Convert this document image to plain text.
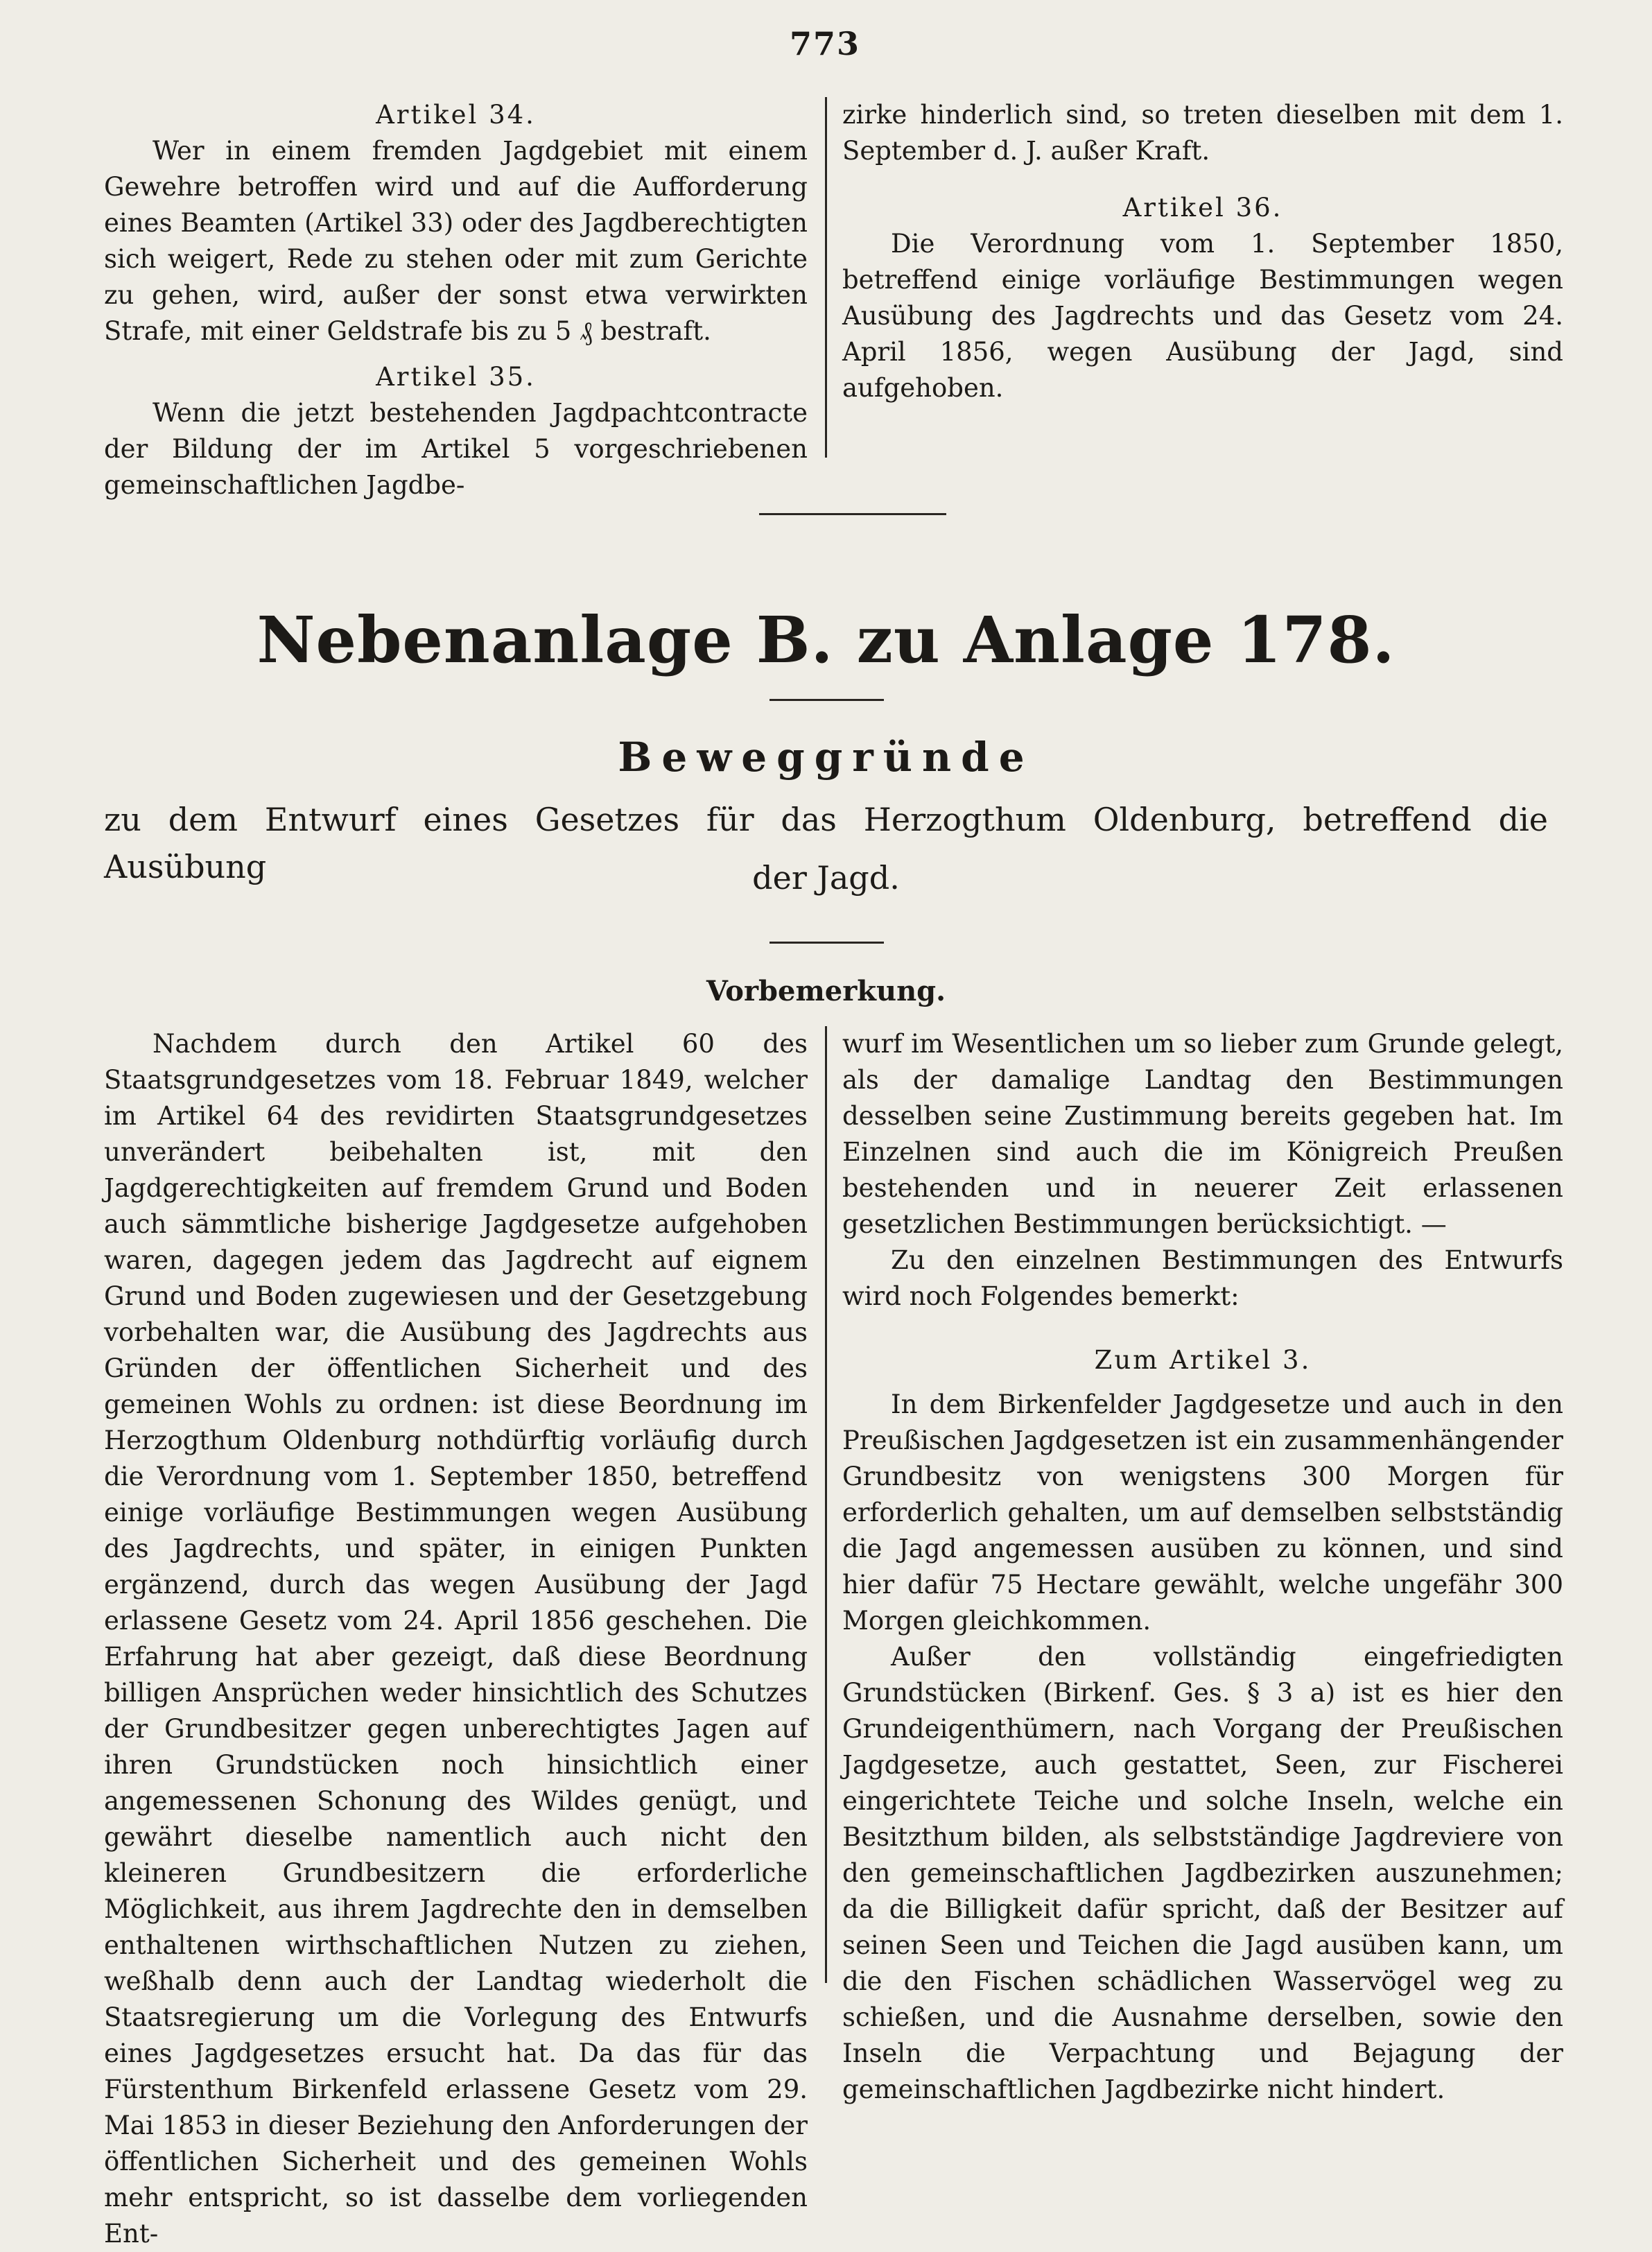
773

Artikel 34.

Wer in einem fremden Jagdgebiet mit einem Gewehre betroffen wird und auf die Aufforderung eines Beamten (Artikel 33) oder des Jagdberechtigten sich weigert, Rede zu stehen oder mit zum Gerichte zu gehen, wird, außer der sonst etwa verwirkten Strafe, mit einer Geldstrafe bis zu 5 ₰ bestraft.

Artikel 35.

Wenn die jetzt bestehenden Jagdpachtcontracte der Bildung der im Artikel 5 vorgeschriebenen gemeinschaftlichen Jagdbe-

zirke hinderlich sind, so treten dieselben mit dem 1. September d. J. außer Kraft.

Artikel 36.

Die Verordnung vom 1. September 1850, betreffend einige vorläufige Bestimmungen wegen Ausübung des Jagdrechts und das Gesetz vom 24. April 1856, wegen Ausübung der Jagd, sind aufgehoben.

Nebenanlage B. zu Anlage 178.
Beweggründe
zu dem Entwurf eines Gesetzes für das Herzogthum Oldenburg, betreffend die Ausübung	der Jagd.
Vorbemerkung.

Nachdem durch den Artikel 60 des Staatsgrundgesetzes vom 18. Februar 1849, welcher im Artikel 64 des revidirten Staatsgrundgesetzes unverändert beibehalten ist, mit den Jagdgerechtigkeiten auf fremdem Grund und Boden auch sämmtliche bisherige Jagdgesetze aufgehoben waren, dagegen jedem das Jagdrecht auf eignem Grund und Boden zugewiesen und der Gesetzgebung vorbehalten war, die Ausübung des Jagdrechts aus Gründen der öffentlichen Sicherheit und des gemeinen Wohls zu ordnen: ist diese Beordnung im Herzogthum Oldenburg nothdürftig vorläufig durch die Verordnung vom 1. September 1850, betreffend einige vorläufige Bestimmungen wegen Ausübung des Jagdrechts, und später, in einigen Punkten ergänzend, durch das wegen Ausübung der Jagd erlassene Gesetz vom 24. April 1856 geschehen. Die Erfahrung hat aber gezeigt, daß diese Beordnung billigen Ansprüchen weder hinsichtlich des Schutzes der Grundbesitzer gegen unberechtigtes Jagen auf ihren Grundstücken noch hinsichtlich einer angemessenen Schonung des Wildes genügt, und gewährt dieselbe namentlich auch nicht den kleineren Grundbesitzern die erforderliche Möglichkeit, aus ihrem Jagdrechte den in demselben enthaltenen wirthschaftlichen Nutzen zu ziehen, weßhalb denn auch der Landtag wiederholt die Staatsregierung um die Vorlegung des Entwurfs eines Jagdgesetzes ersucht hat. Da das für das Fürstenthum Birkenfeld erlassene Gesetz vom 29. Mai 1853 in dieser Beziehung den Anforderungen der öffentlichen Sicherheit und des gemeinen Wohls mehr entspricht, so ist dasselbe dem vorliegenden Ent-

wurf im Wesentlichen um so lieber zum Grunde gelegt, als der damalige Landtag den Bestimmungen desselben seine Zustimmung bereits gegeben hat. Im Einzelnen sind auch die im Königreich Preußen bestehenden und in neuerer Zeit erlassenen gesetzlichen Bestimmungen berücksichtigt. —

Zu den einzelnen Bestimmungen des Entwurfs wird noch Folgendes bemerkt:

Zum Artikel 3.

In dem Birkenfelder Jagdgesetze und auch in den Preußischen Jagdgesetzen ist ein zusammenhängender Grundbesitz von wenigstens 300 Morgen für erforderlich gehalten, um auf demselben selbstständig die Jagd angemessen ausüben zu können, und sind hier dafür 75 Hectare gewählt, welche ungefähr 300 Morgen gleichkommen.

Außer den vollständig eingefriedigten Grundstücken (Birkenf. Ges. § 3 a) ist es hier den Grundeigenthümern, nach Vorgang der Preußischen Jagdgesetze, auch gestattet, Seen, zur Fischerei eingerichtete Teiche und solche Inseln, welche ein Besitzthum bilden, als selbstständige Jagdreviere von den gemeinschaftlichen Jagdbezirken auszunehmen; da die Billigkeit dafür spricht, daß der Besitzer auf seinen Seen und Teichen die Jagd ausüben kann, um die den Fischen schädlichen Wasservögel weg zu schießen, und die Ausnahme derselben, sowie den Inseln die Verpachtung und Bejagung der gemeinschaftlichen Jagdbezirke nicht hindert.
